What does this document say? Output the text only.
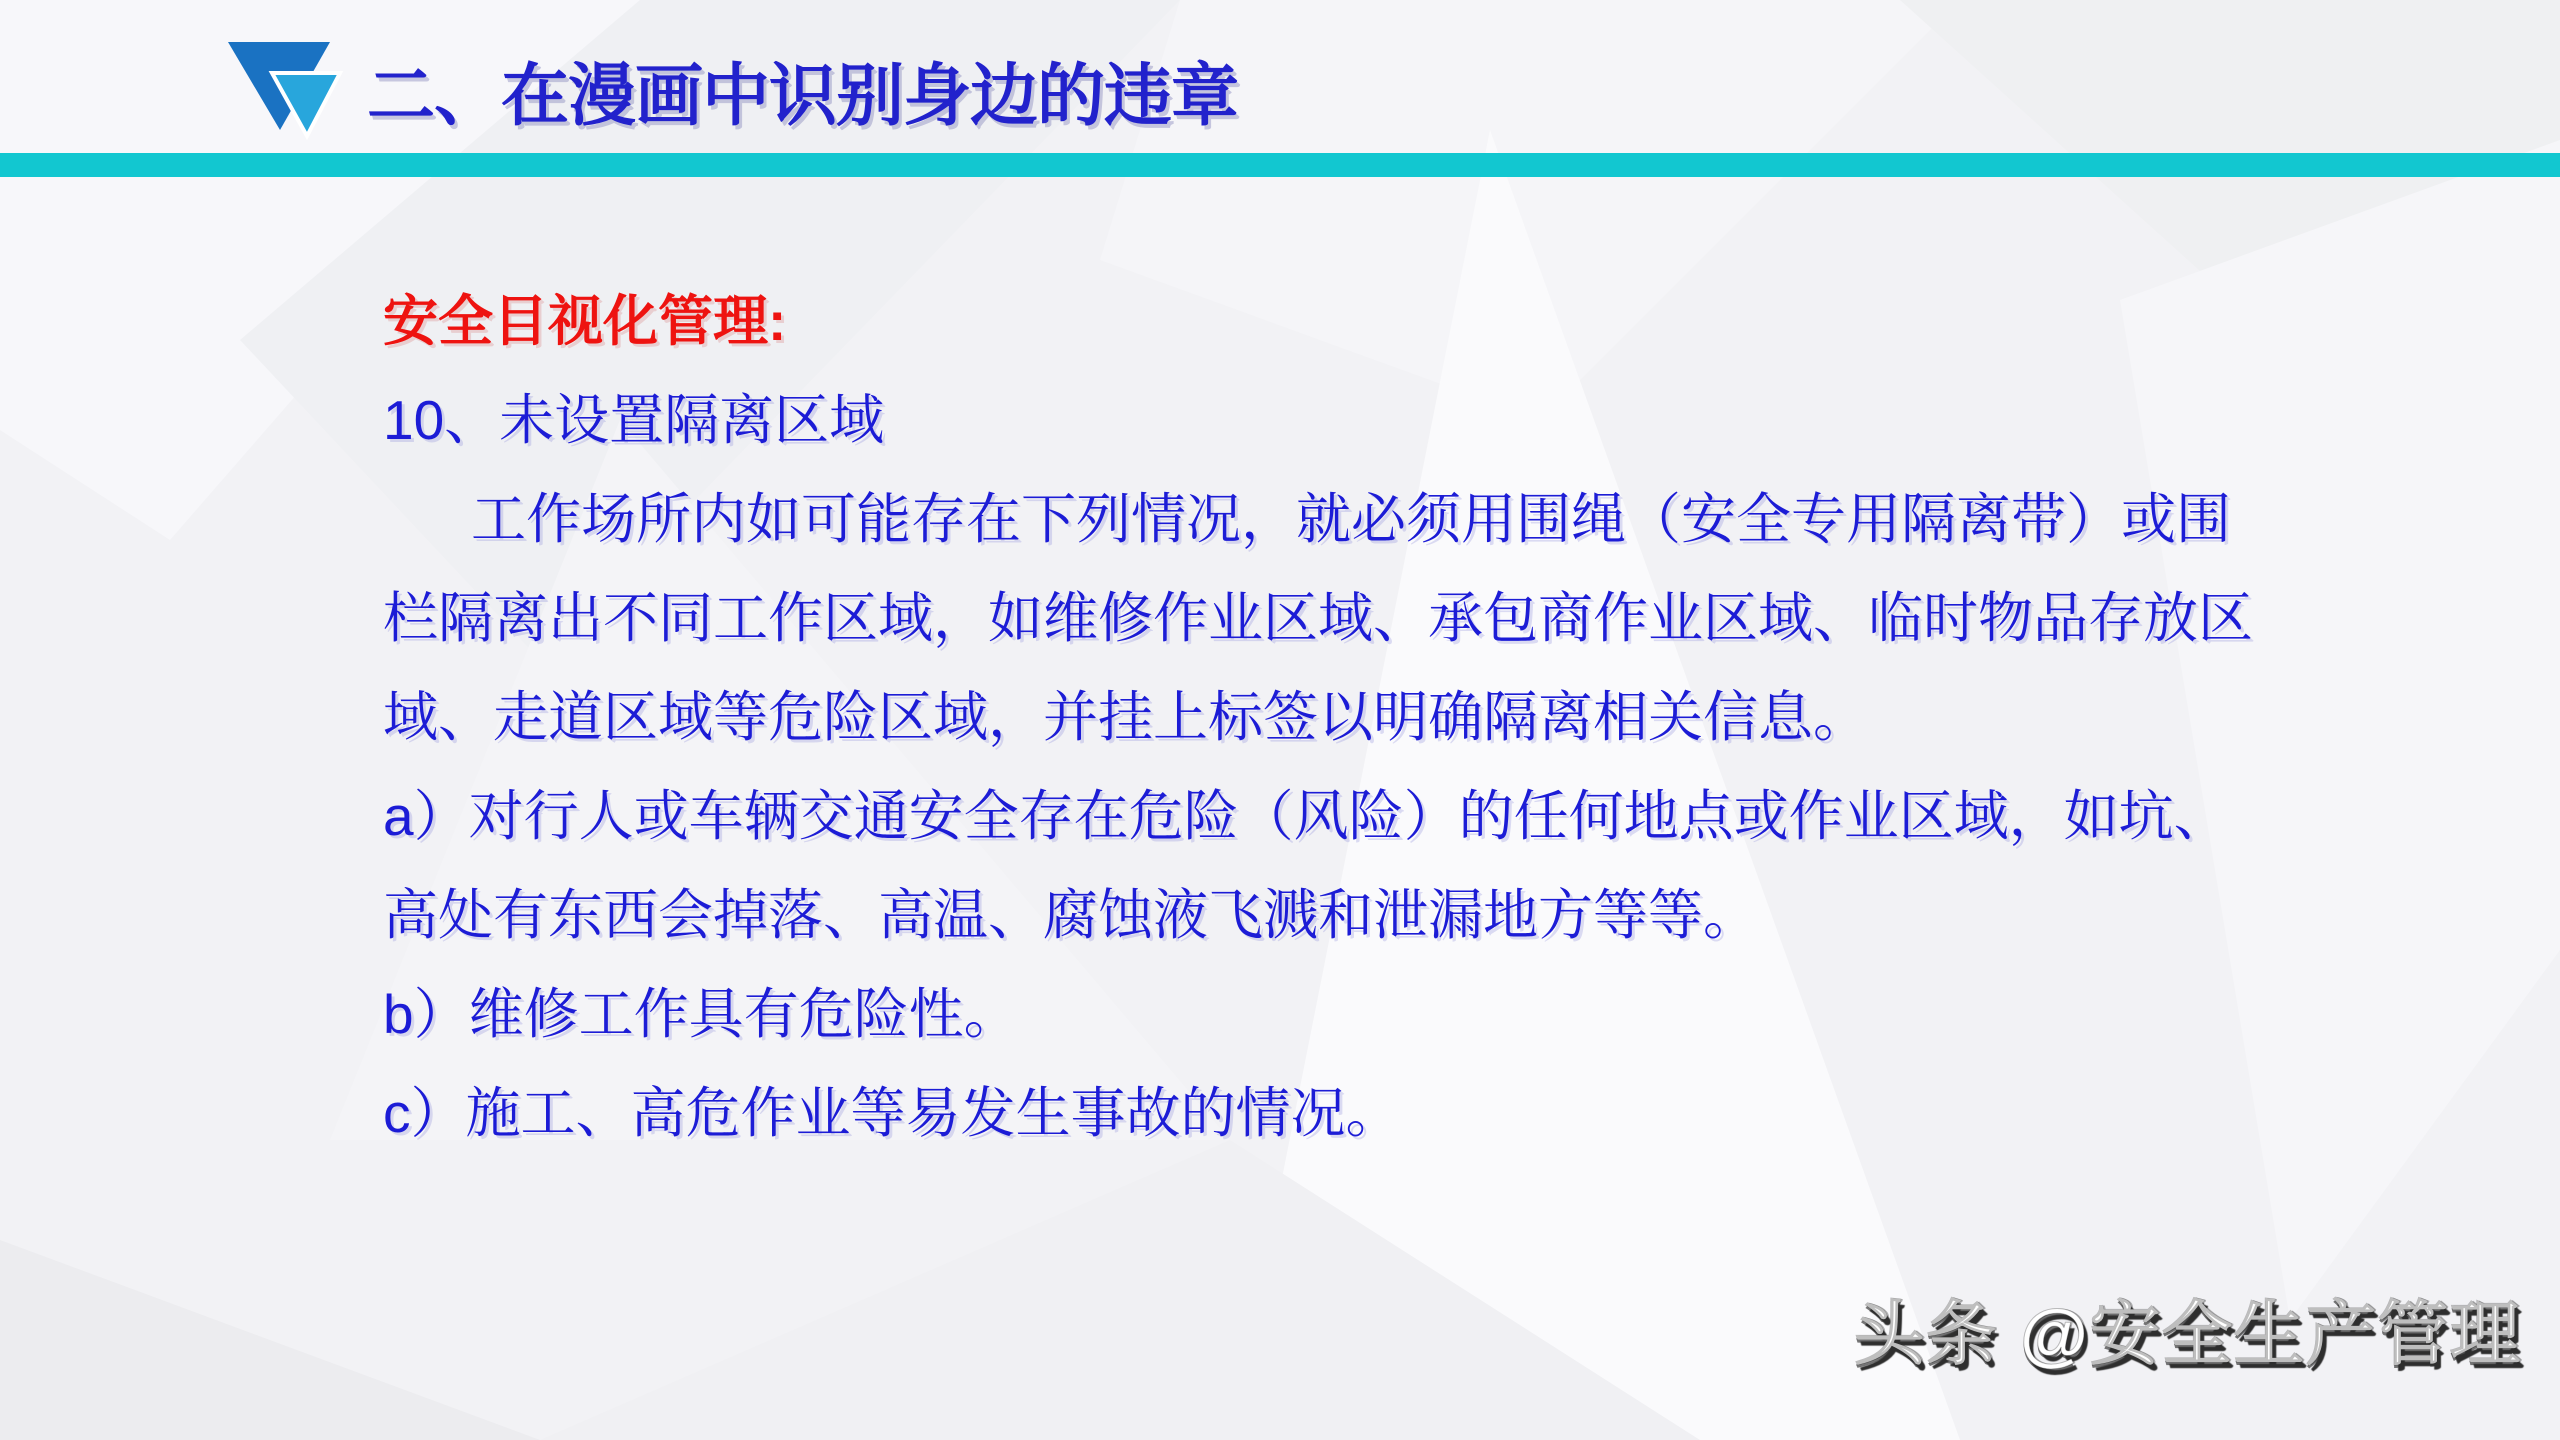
二、在漫画中识别身边的违章

安全目视化管理:

10、未设置隔离区域

工作场所内如可能存在下列情况，就必须用围绳（安全专用隔离带）或围

栏隔离出不同工作区域，如维修作业区域、承包商作业区域、临时物品存放区

域、走道区域等危险区域，并挂上标签以明确隔离相关信息。

a）对行人或车辆交通安全存在危险（风险）的任何地点或作业区域，如坑、

高处有东西会掉落、高温、腐蚀液飞溅和泄漏地方等等。

b）维修工作具有危险性。

c）施工、高危作业等易发生事故的情况。

头条 @安全生产管理
